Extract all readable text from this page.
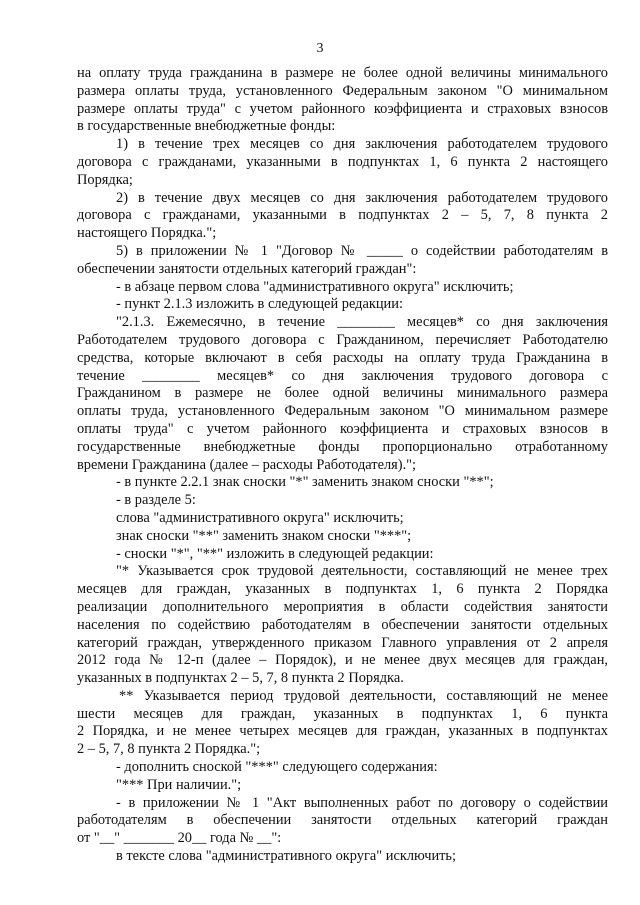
3
на оплату труда гражданина в размере не более одной величины минимального
размера оплаты труда, установленного Федеральным законом "О минимальном
размере оплаты труда" с учетом районного коэффициента и страховых взносов
в государственные внебюджетные фонды:
1) в течение трех месяцев со дня заключения работодателем трудового
договора с гражданами, указанными в подпунктах 1, 6 пункта 2 настоящего
Порядка;
2) в течение двух месяцев со дня заключения работодателем трудового
договора с гражданами, указанными в подпунктах 2 – 5, 7, 8 пункта 2
настоящего Порядка.";
5) в приложении № 1 "Договор № _____ о содействии работодателям в
обеспечении занятости отдельных категорий граждан":
- в абзаце первом слова "административного округа" исключить;
- пункт 2.1.3 изложить в следующей редакции:
"2.1.3. Ежемесячно, в течение ________ месяцев* со дня заключения
Работодателем трудового договора с Гражданином, перечисляет Работодателю
средства, которые включают в себя расходы на оплату труда Гражданина в
течение ________ месяцев* со дня заключения трудового договора с
Гражданином в размере не более одной величины минимального размера
оплаты труда, установленного Федеральным законом "О минимальном размере
оплаты труда" с учетом районного коэффициента и страховых взносов в
государственные внебюджетные фонды пропорционально отработанному
времени Гражданина (далее – расходы Работодателя).";
- в пункте 2.2.1 знак сноски "*" заменить знаком сноски "**";
- в разделе 5:
слова "административного округа" исключить;
знак сноски "**" заменить знаком сноски "***";
- сноски "*", "**" изложить в следующей редакции:
"* Указывается срок трудовой деятельности, составляющий не менее трех
месяцев для граждан, указанных в подпунктах 1, 6 пункта 2 Порядка
реализации дополнительного мероприятия в области содействия занятости
населения по содействию работодателям в обеспечении занятости отдельных
категорий граждан, утвержденного приказом Главного управления от 2 апреля
2012 года № 12-п (далее – Порядок), и не менее двух месяцев для граждан,
указанных в подпунктах 2 – 5, 7, 8 пункта 2 Порядка.
** Указывается период трудовой деятельности, составляющий не менее
шести месяцев для граждан, указанных в подпунктах 1, 6 пункта
2 Порядка, и не менее четырех месяцев для граждан, указанных в подпунктах
2 – 5, 7, 8 пункта 2 Порядка.";
- дополнить сноской "***" следующего содержания:
"*** При наличии.";
- в приложении № 1 "Акт выполненных работ по договору о содействии
работодателям в обеспечении занятости отдельных категорий граждан
от "__" _______ 20__ года № __":
в тексте слова "административного округа" исключить;
